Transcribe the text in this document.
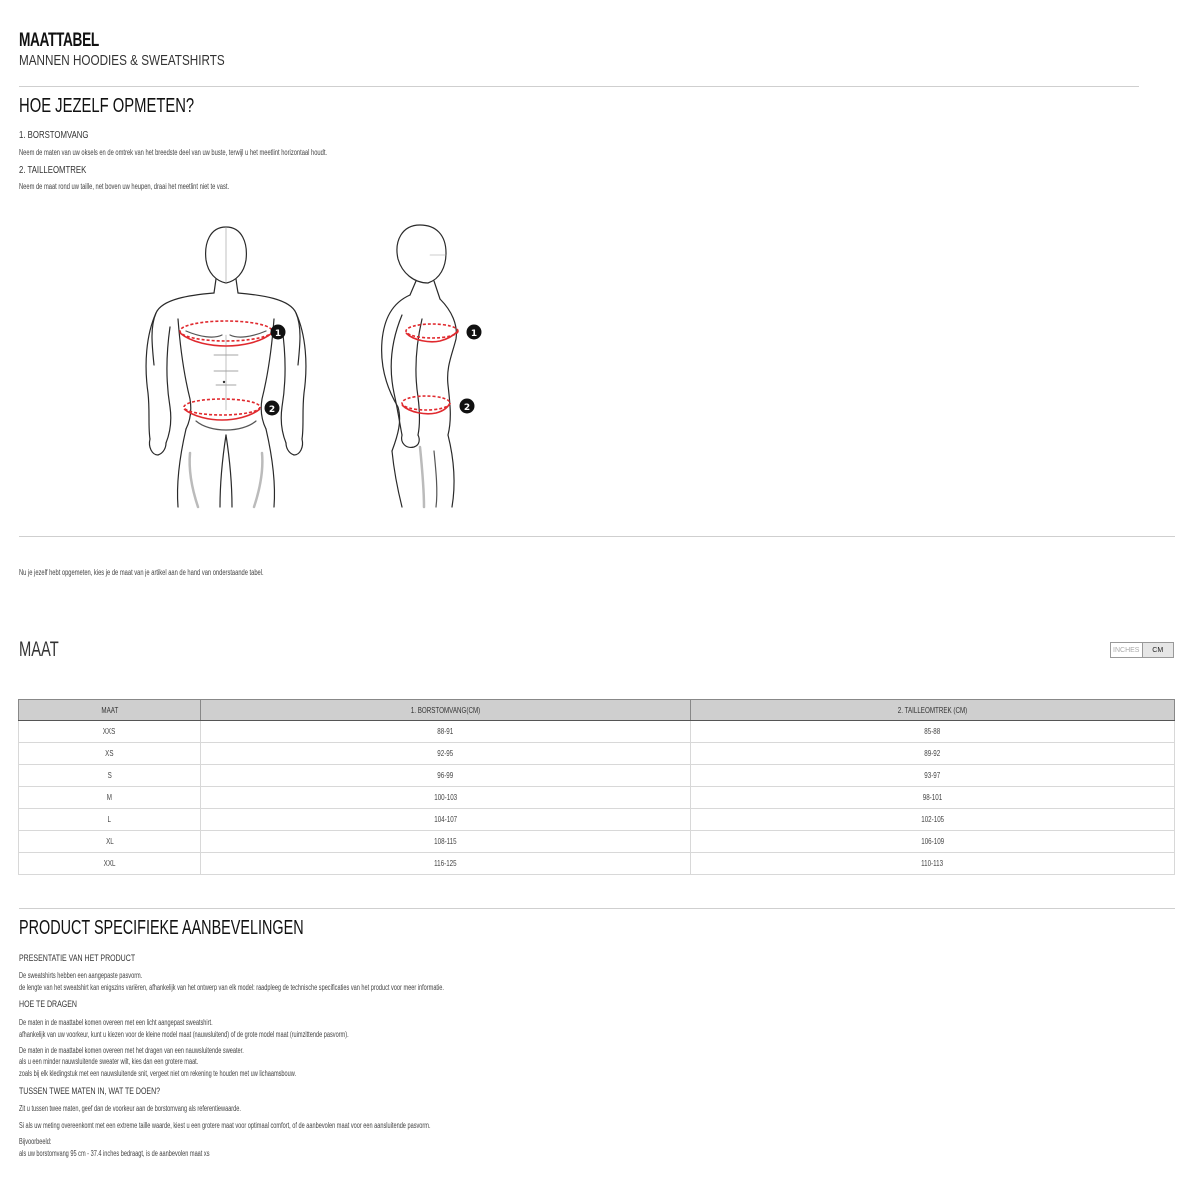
MAATTABEL
MANNEN HOODIES & SWEATSHIRTS
HOE JEZELF OPMETEN?
1. BORSTOMVANG
Neem de maten van uw oksels en de omtrek van het breedste deel van uw buste, terwijl u het meetlint horizontaal houdt.
2. TAILLEOMTREK
Neem de maat rond uw taille, net boven uw heupen, draai het meetlint niet te vast.
1
2
1
2
Nu je jezelf hebt opgemeten, kies je de maat van je artikel aan de hand van onderstaande tabel.
MAAT	INCHES CM
MAAT	1. BORSTOMVANG(CM)	2. TAILLEOMTREK (CM)
XXS	88-91	85-88
XS	92-95	89-92
S	96-99	93-97
M	100-103	98-101
L	104-107	102-105
XL	108-115	106-109
XXL	116-125	110-113
PRODUCT SPECIFIEKE AANBEVELINGEN
PRESENTATIE VAN HET PRODUCT
De sweatshirts hebben een aangepaste pasvorm.
de lengte van het sweatshirt kan enigszins variëren, afhankelijk van het ontwerp van elk model: raadpleeg de technische specificaties van het product voor meer informatie.
HOE TE DRAGEN
De maten in de maattabel komen overeen met een licht aangepast sweatshirt.
afhankelijk van uw voorkeur, kunt u kiezen voor de kleine model maat (nauwsluitend) of de grote model maat (ruimzittende pasvorm).
De maten in de maattabel komen overeen met het dragen van een nauwsluitende sweater.
als u een minder nauwsluitende sweater wilt, kies dan een grotere maat.
zoals bij elk kledingstuk met een nauwsluitende snit, vergeet niet om rekening te houden met uw lichaamsbouw.
TUSSEN TWEE MATEN IN, WAT TE DOEN?
Zit u tussen twee maten, geef dan de voorkeur aan de borstomvang als referentiewaarde.
Si als uw meting overeenkomt met een extreme taille waarde, kiest u een grotere maat voor optimaal comfort, of de aanbevolen maat voor een aansluitende pasvorm.
Bijvoorbeeld:
als uw borstomvang 95 cm - 37.4 inches bedraagt, is de aanbevolen maat xs
